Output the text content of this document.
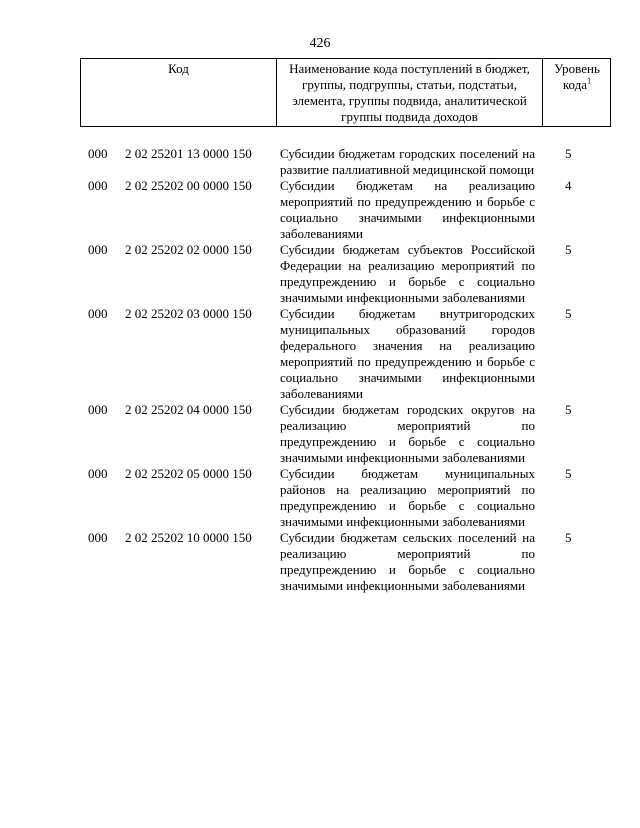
426
Код	Наименование кода поступлений в бюджет, группы, подгруппы, статьи, подстатьи, элемента, группы подвида, аналитической группы подвида доходов
Уровень кода$^1$
000 2 02 25201 13 0000 150 Субсидии бюджетам городских поселений на развитие паллиативной медицинской помощи
5
000 2 02 25202 00 0000 150 Субсидии бюджетам на реализацию мероприятий по предупреждению и борьбе с социально значимыми инфекционными заболеваниями
4
000 2 02 25202 02 0000 150 Субсидии бюджетам субъектов Российской Федерации на реализацию мероприятий по предупреждению и борьбе с социально значимыми инфекционными заболеваниями
5
000 2 02 25202 03 0000 150 Субсидии бюджетам внутригородских муниципальных образований городов федерального значения на реализацию мероприятий по предупреждению и борьбе с социально значимыми инфекционными заболеваниями
5
000 2 02 25202 04 0000 150 Субсидии бюджетам городских округов на реализацию мероприятий по предупреждению и борьбе с социально значимыми инфекционными заболеваниями
5
000 2 02 25202 05 0000 150 Субсидии бюджетам муниципальных районов на реализацию мероприятий по предупреждению и борьбе с социально значимыми инфекционными заболеваниями
5
000 2 02 25202 10 0000 150 Субсидии бюджетам сельских поселений на реализацию мероприятий по предупреждению и борьбе с социально значимыми инфекционными заболеваниями
5
